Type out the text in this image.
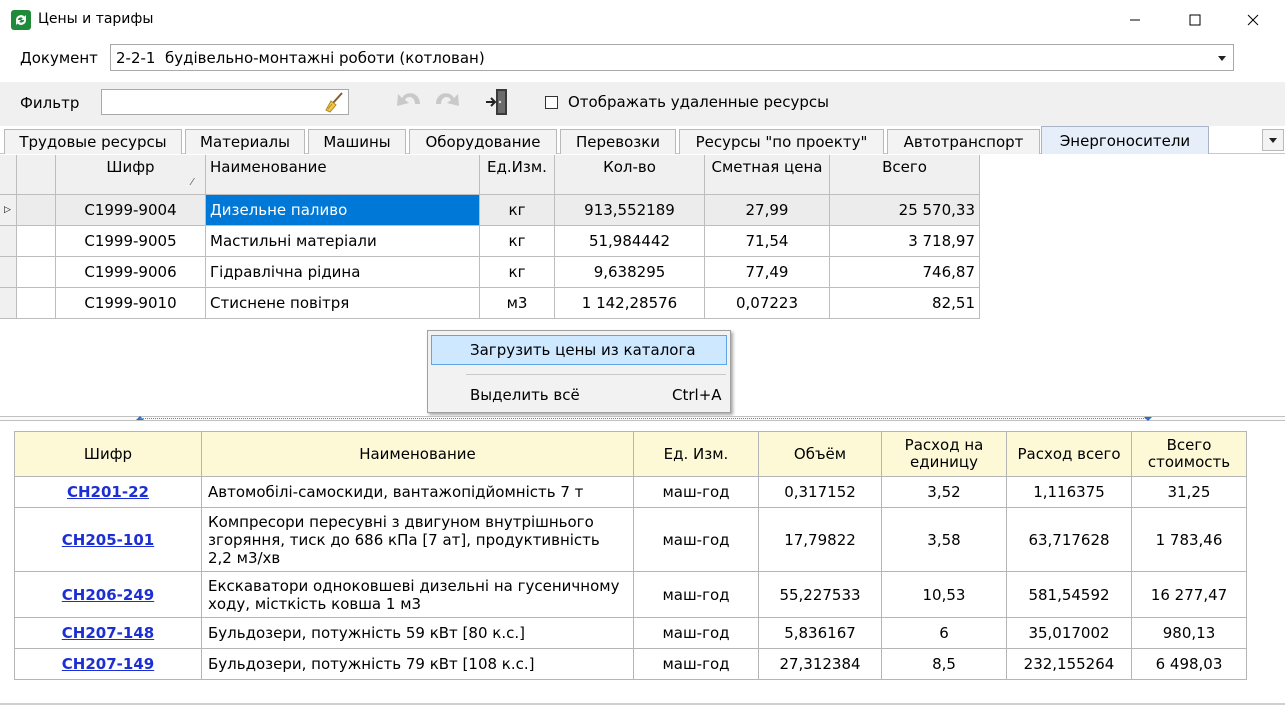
Цены и тарифы
Документ 2-2-1  будівельно-монтажні роботи (котлован)
Фильтр	Отображать удаленные ресурсы
Трудовые ресурсы	Материалы	Машины	Оборудование	Перевозки	Ресурсы "по проекту"	Автотранспорт	Энергоносители
Шифр
⁄
Наименование	Ед.Изм.	Кол-во	Сметная цена	Всего
▷	C1999-9004	Дизельне паливо	кг	913,552189	27,99	25 570,33
C1999-9005	Мастильні матеріали	кг	51,984442	71,54	3 718,97
C1999-9006	Гідравлічна рідина	кг	9,638295	77,49	746,87
C1999-9010	Стиснене повітря	м3	1 142,28576	0,07223	82,51
Загрузить цены из каталога
Выделить всё	Ctrl+A
Шифр	Наименование	Ед. Изм.	Объём	Расход на единицу	Расход всего	Всего стоимость
CH201-22	Автомобілі-самоскиди, вантажопідйомність 7 т	маш-год	0,317152	3,52	1,116375	31,25
CH205-101	Компресори пересувні з двигуном внутрішнього згоряння, тиск до 686 кПа [7 ат], продуктивність 2,2 м3/хв	маш-год	17,79822	3,58	63,717628	1 783,46
CH206-249	Екскаватори одноковшеві дизельні на гусеничному ходу, місткість ковша 1 м3	маш-год	55,227533	10,53	581,54592	16 277,47
CH207-148	Бульдозери, потужність 59 кВт [80 к.с.]	маш-год	5,836167	6	35,017002	980,13
CH207-149	Бульдозери, потужність 79 кВт [108 к.с.]	маш-год	27,312384	8,5	232,155264	6 498,03
